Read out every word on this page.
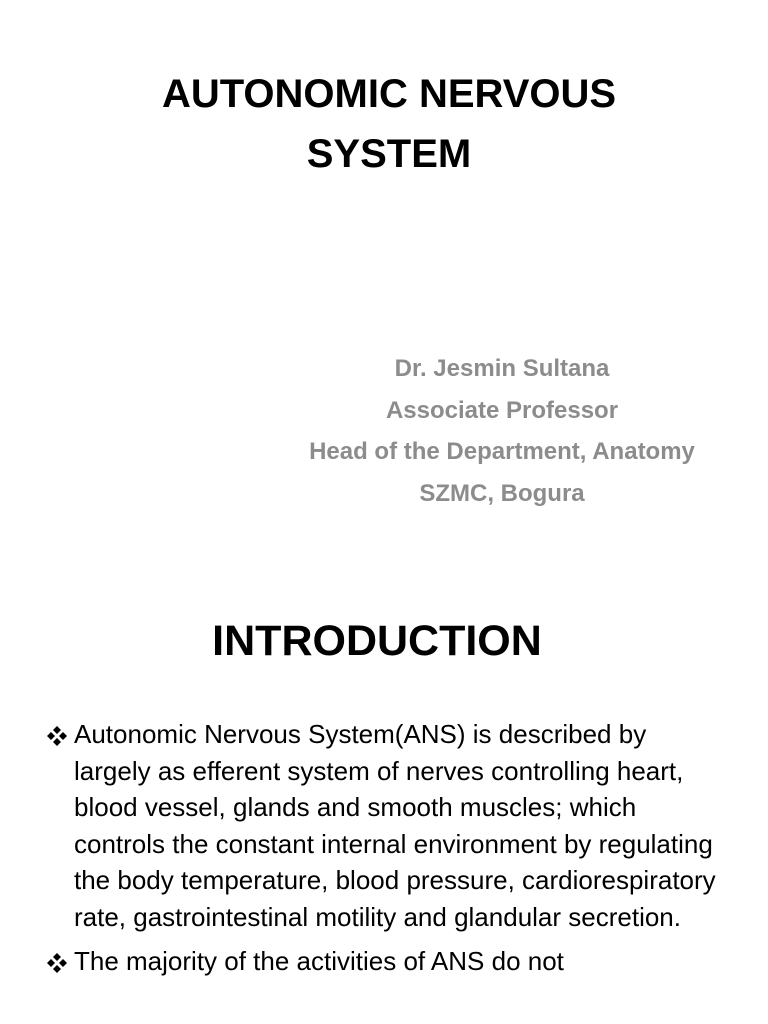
AUTONOMIC NERVOUS
SYSTEM
Dr. Jesmin Sultana
Associate Professor
Head of the Department, Anatomy
SZMC, Bogura
INTRODUCTION
Autonomic Nervous System(ANS) is described by largely as efferent system of nerves controlling heart, blood vessel, glands and smooth muscles; which controls the constant internal environment by regulating the body temperature, blood pressure, cardiorespiratory rate, gastrointestinal motility and glandular secretion.
The majority of the activities of ANS do not
